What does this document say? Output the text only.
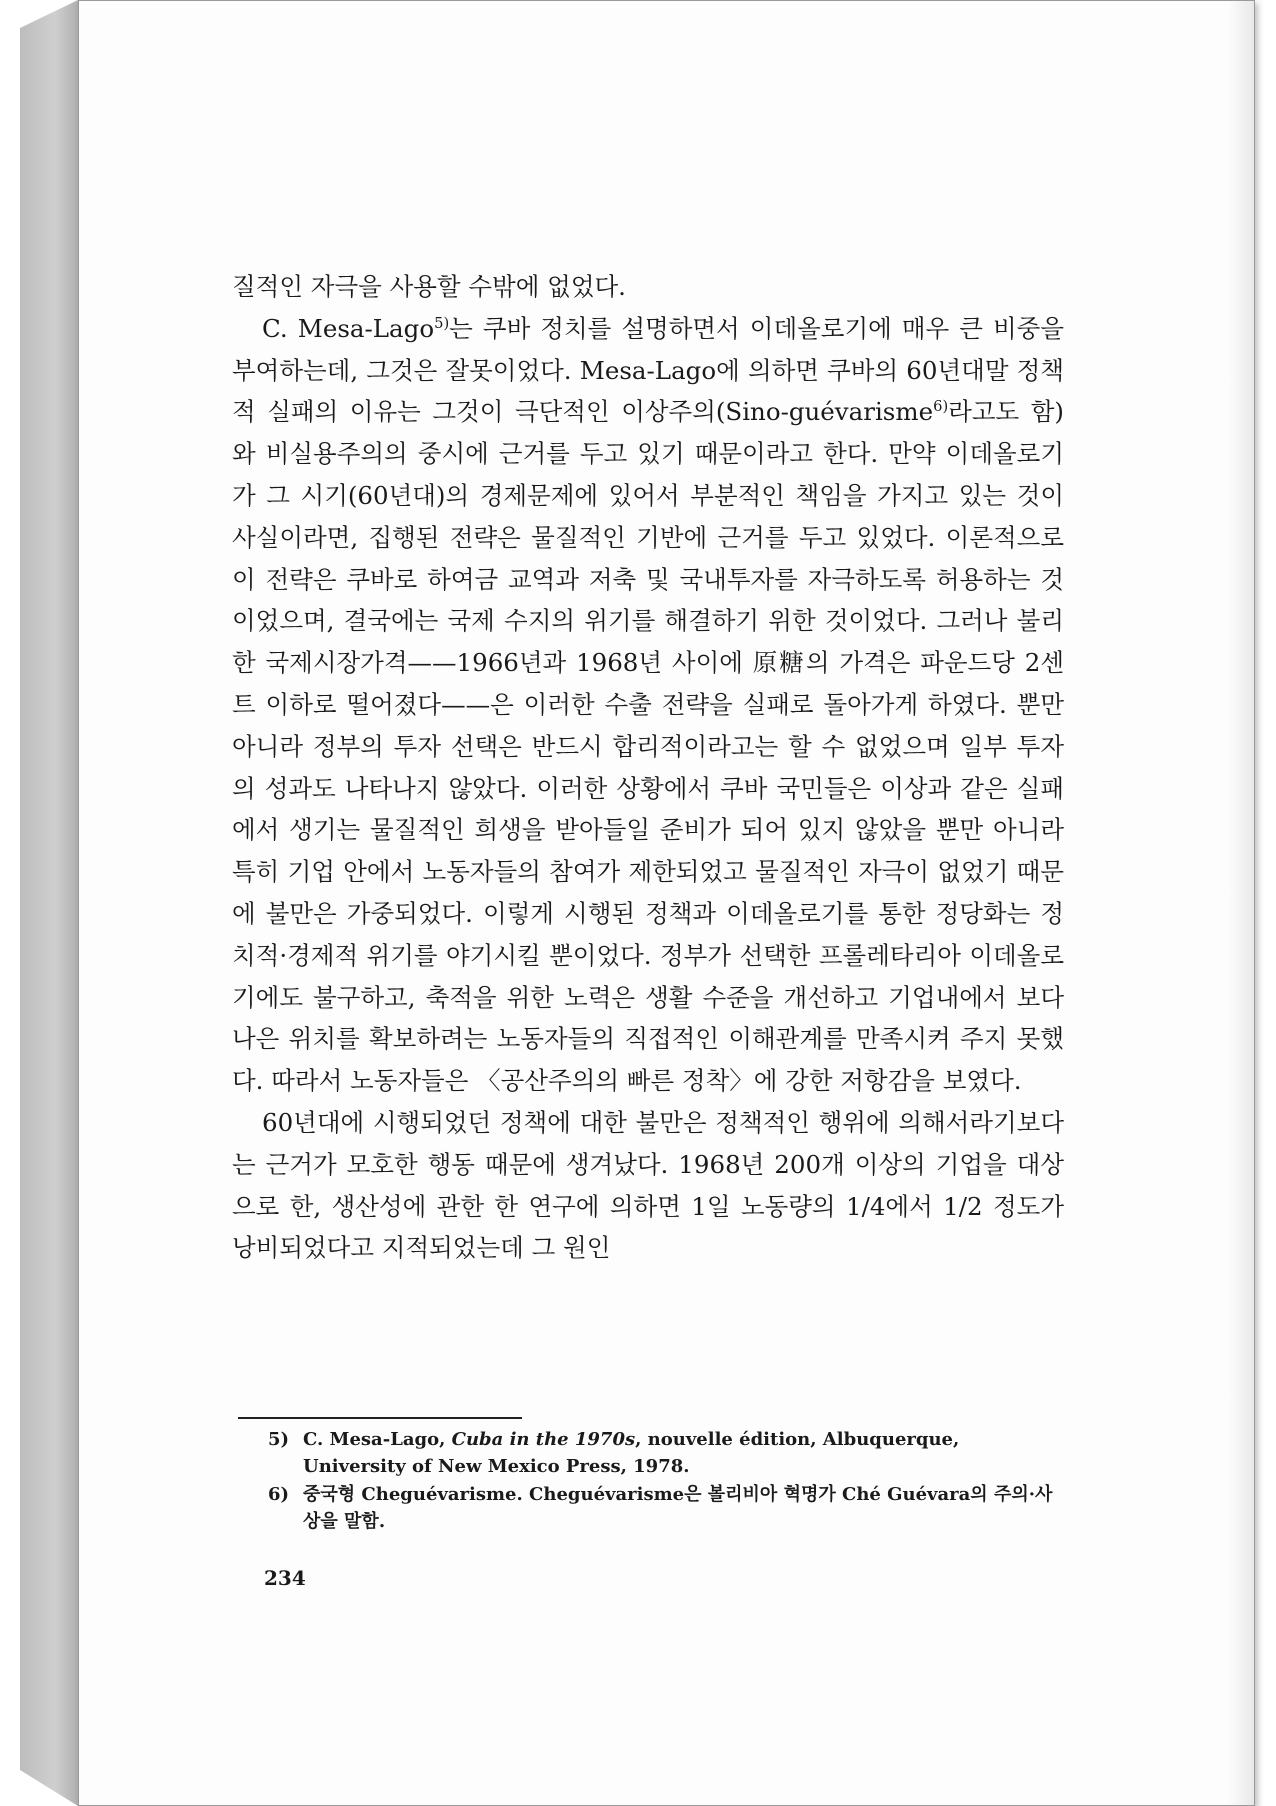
질적인 자극을 사용할 수밖에 없었다.

C. Mesa-Lago$^{5)}$는 쿠바 정치를 설명하면서 이데올로기에 매우 큰 비중을 부여하는데, 그것은 잘못이었다. Mesa-Lago에 의하면 쿠바의 60년대말 정책적 실패의 이유는 그것이 극단적인 이상주의(Sino-guévarisme$^{6)}$라고도 함)와 비실용주의의 중시에 근거를 두고 있기 때문이라고 한다. 만약 이데올로기가 그 시기(60년대)의 경제문제에 있어서 부분적인 책임을 가지고 있는 것이 사실이라면, 집행된 전략은 물질적인 기반에 근거를 두고 있었다. 이론적으로 이 전략은 쿠바로 하여금 교역과 저축 및 국내투자를 자극하도록 허용하는 것이었으며, 결국에는 국제 수지의 위기를 해결하기 위한 것이었다. 그러나 불리한 국제시장가격——1966년과 1968년 사이에 原糖의 가격은 파운드당 2센트 이하로 떨어졌다——은 이러한 수출 전략을 실패로 돌아가게 하였다. 뿐만 아니라 정부의 투자 선택은 반드시 합리적이라고는 할 수 없었으며 일부 투자의 성과도 나타나지 않았다. 이러한 상황에서 쿠바 국민들은 이상과 같은 실패에서 생기는 물질적인 희생을 받아들일 준비가 되어 있지 않았을 뿐만 아니라 특히 기업 안에서 노동자들의 참여가 제한되었고 물질적인 자극이 없었기 때문에 불만은 가중되었다. 이렇게 시행된 정책과 이데올로기를 통한 정당화는 정치적·경제적 위기를 야기시킬 뿐이었다. 정부가 선택한 프롤레타리아 이데올로기에도 불구하고, 축적을 위한 노력은 생활 수준을 개선하고 기업내에서 보다 나은 위치를 확보하려는 노동자들의 직접적인 이해관계를 만족시켜 주지 못했다. 따라서 노동자들은 〈공산주의의 빠른 정착〉에 강한 저항감을 보였다.

60년대에 시행되었던 정책에 대한 불만은 정책적인 행위에 의해서라기보다는 근거가 모호한 행동 때문에 생겨났다. 1968년 200개 이상의 기업을 대상으로 한, 생산성에 관한 한 연구에 의하면 1일 노동량의 1/4에서 1/2 정도가 낭비되었다고 지적되었는데 그 원인

5) C. Mesa-Lago, Cuba in the 1970s, nouvelle édition, Albuquerque, University of New Mexico Press, 1978.
6) 중국형 Cheguévarisme. Cheguévarisme은 볼리비아 혁명가 Ché Guévara의 주의·사상을 말함.
234
